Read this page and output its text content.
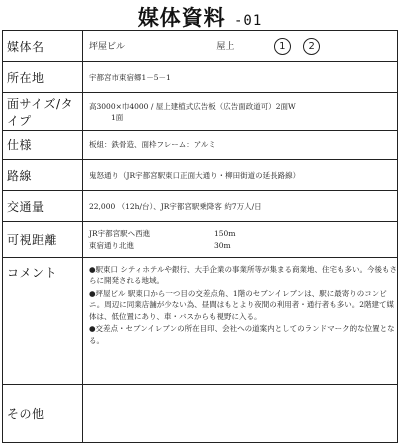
媒体資料 -01
媒体名	坪屋ビル 屋上 1 2
所在地	宇都宮市東宿郷1－5－1
面サイズ/タイプ	高3000×巾4000 / 屋上建植式広告板（広告面政道可）2面W
1面

仕様	板組：鉄骨造、面枠フレーム：アルミ
路線	鬼怒通り（JR宇都宮駅東口正面大通り・柳田街道の延長路線）
交通量	22,000 （12h/台）、JR宇都宮駅乗降客 約7万人/日
可視距離	JR宇都宮駅へ西進 150m
東宿通り北進 30m

コメント	●駅東口 シティホテルや銀行、大手企業の事業所等が集まる商業地、住宅も多い。今後もさらに開発される地域。

●坪屋ビル 駅東口から一つ目の交差点角、1階のセブンイレブンは、駅に最寄りのコンビニ。周辺に同業店舗が少ない為、昼間はもとより夜間の利用者・通行者も多い。2階建て媒体は、低位置にあり、車・バスからも視野に入る。

●交差点・セブンイレブンの所在目印、会社への道案内としてのランドマーク的な位置となる。

その他	
